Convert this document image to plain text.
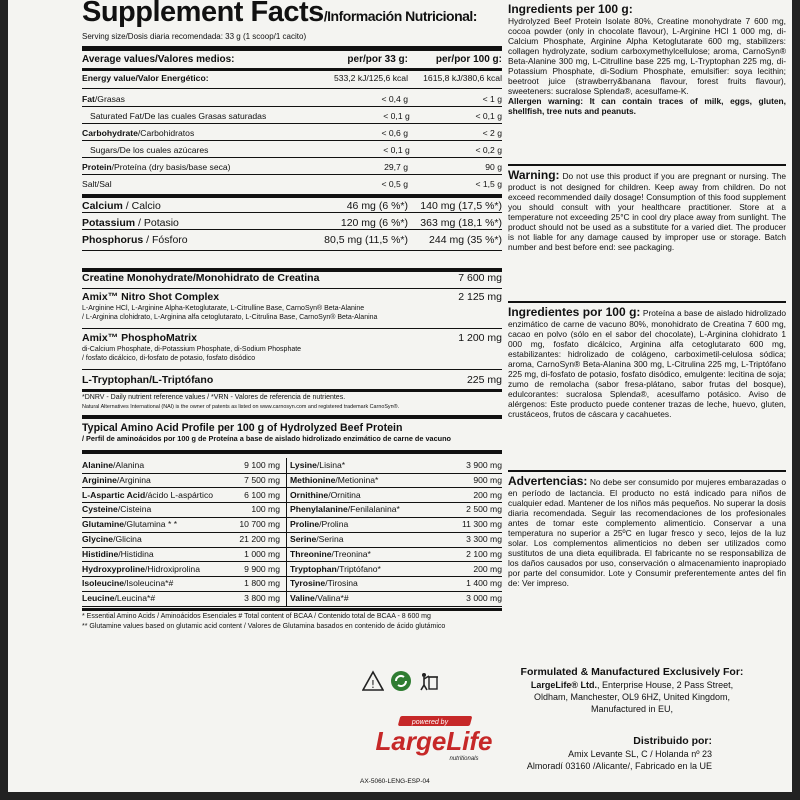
Supplement Facts/Información Nutricional:
Serving size/Dosis diaria recomendada: 33 g (1 scoop/1 cacito)
Average values/Valores medios:	per/por 33 g:	per/por 100 g:
Energy value/Valor Energético:	533,2 kJ/125,6 kcal	1615,8 kJ/380,6 kcal
Fat/Grasas	< 0,4 g	< 1 g
Saturated Fat/De las cuales Grasas saturadas	< 0,1 g	< 0,1 g
Carbohydrate/Carbohidratos	< 0,6 g	< 2 g
Sugars/De los cuales azúcares	< 0,1 g	< 0,2 g
Protein/Proteína (dry basis/base seca)	29,7 g	90 g
Salt/Sal	< 0,5 g	< 1,5 g
Calcium / Calcio	46 mg (6 %*)	140 mg (17,5 %*)
Potassium / Potasio	120 mg (6 %*)	363 mg (18,1 %*)
Phosphorus / Fósforo	80,5 mg (11,5 %*)	244 mg (35 %*)
Creatine Monohydrate/Monohidrato de Creatina	7 600 mg
Amix™ Nitro Shot Complex	2 125 mg
L-Arginine HCl, L-Arginine Alpha-Ketoglutarate, L-Citrulline Base, CarnoSyn® Beta-Alanine
/ L-Arginina clohidrato, L-Arginina alfa cetoglutarato, L-Citrulina Base, CarnoSyn® Beta-Alanina
Amix™ PhosphoMatrix	1 200 mg
di-Calcium Phosphate, di-Potassium Phosphate, di-Sodium Phosphate
/ fosfato dicálcico, di-fosfato de potasio, fosfato disódico
L-Tryptophan/L-Triptófano	225 mg
*DNRV - Daily nutrient reference values / *VRN - Valores de referencia de nutrientes.
Natural Alternatives International (NAI) is the owner of patents as listed on www.carnosyn.com and registered trademark CarnoSyn®.
Typical Amino Acid Profile per 100 g of Hydrolyzed Beef Protein
/ Perfil de aminoácidos por 100 g de Proteína a base de aislado hidrolizado enzimático de carne de vacuno
Alanine/Alanina	9 100 mg	Lysine/Lisina*	3 900 mg
Arginine/Arginina	7 500 mg	Methionine/Metionina*	900 mg
L-Aspartic Acid/ácido L-aspártico	6 100 mg	Ornithine/Ornitina	200 mg
Cysteine/Cisteina	100 mg	Phenylalanine/Fenilalanina*	2 500 mg
Glutamine/Glutamina * *	10 700 mg	Proline/Prolina	11 300 mg
Glycine/Glicina	21 200 mg	Serine/Serina	3 300 mg
Histidine/Histidina	1 000 mg	Threonine/Treonina*	2 100 mg
Hydroxyproline/Hidroxiprolina	9 900 mg	Tryptophan/Triptófano*	200 mg
Isoleucine/Isoleucina*#	1 800 mg	Tyrosine/Tirosina	1 400 mg
Leucine/Leucina*#	3 800 mg	Valine/Valina*#	3 000 mg
* Essential Amino Acids / Aminoácidos Esenciales # Total content of BCAA / Contenido total de BCAA - 8 600 mg
** Glutamine values based on glutamic acid content / Valores de Glutamina basados en contenido de ácido glutámico
Ingredients per 100 g:
Hydrolyzed Beef Protein Isolate 80%, Creatine monohydrate 7 600 mg, cocoa powder (only in chocolate flavour), L-Arginine HCl 1 000 mg, di-Calcium Phosphate, Arginine Alpha Ketoglutarate 600 mg, stabilizers: collagen hydrolyzate, sodium carboxymethylcellulose; aroma, CarnoSyn® Beta-Alanine 300 mg, L-Citrulline base 225 mg, L-Tryptophan 225 mg, di-Potassium Phosphate, di-Sodium Phosphate, emulsifier: soya lecithin; beetroot juice (strawberry&banana flavour, forest fruits flavour), sweeteners: sucralose Splenda®, acesulfame-K.
Allergen warning: It can contain traces of milk, eggs, gluten, shellfish, tree nuts and peanuts.
Warning: Do not use this product if you are pregnant or nursing. The product is not designed for children. Keep away from children. Do not exceed recommended daily dosage! Consumption of this food supplement you should consult with your healthcare practitioner. Store at a temperature not exceeding 25°C in cool dry place away from sunlight. The product should not be used as a substitute for a varied diet. The producer is not liable for any damage caused by improper use or storage. Batch number and best before end: see packaging.
Ingredientes por 100 g: Proteína a base de aislado hidrolizado enzimático de carne de vacuno 80%, monohidrato de Creatina 7 600 mg, cacao en polvo (sólo en el sabor del chocolate), L-Arginina clohidrato 1 000 mg, fosfato dicálcico, Arginina alfa cetoglutarato 600 mg, estabilizantes: hidrolizado de colágeno, carboximetil-celulosa sódica; aroma, CarnoSyn® Beta-Alanina 300 mg, L-Citrulina 225 mg, L-Triptófano 225 mg, di-fosfato de potasio, fosfato disódico, emulgente: lecitina de soja; zumo de remolacha (sabor fresa-plátano, sabor frutas del bosque), edulcorantes: sucralosa Splenda®, acesulfamo potásico. Aviso de alérgenos: Este producto puede contener trazas de leche, huevo, gluten, crustáceos, frutos de cáscara y cacahuetes.
Advertencias: No debe ser consumido por mujeres embarazadas o en período de lactancia. El producto no está indicado para niños de cualquier edad. Mantener de los niños más pequeños. No superar la dosis diaria recomendada. Seguir las recomendaciones de los profesionales antes de tomar este complemento alimenticio. Conservar a una temperatura no superior a 25ºC en lugar fresco y seco, lejos de la luz solar. Los complementos alimenticios no deben ser utilizados como sustitutos de una dieta equilibrada. El fabricante no se responsabiliza de los daños causados por uso, conservación o almacenamiento inapropiado por parte del consumidor. Lote y Consumir preferentemente antes del fin de: Ver impreso.
!
powered by
LargeLife
nutritionals
AX-5060-LENG-ESP-04
Formulated & Manufactured Exclusively For:
LargeLife® Ltd., Enterprise House, 2 Pass Street,
Oldham, Manchester, OL9 6HZ, United Kingdom,
Manufactured in EU,
Distribuido por:
Amix Levante SL, C / Holanda nº 23
Almoradí 03160 /Alicante/, Fabricado en la UE
